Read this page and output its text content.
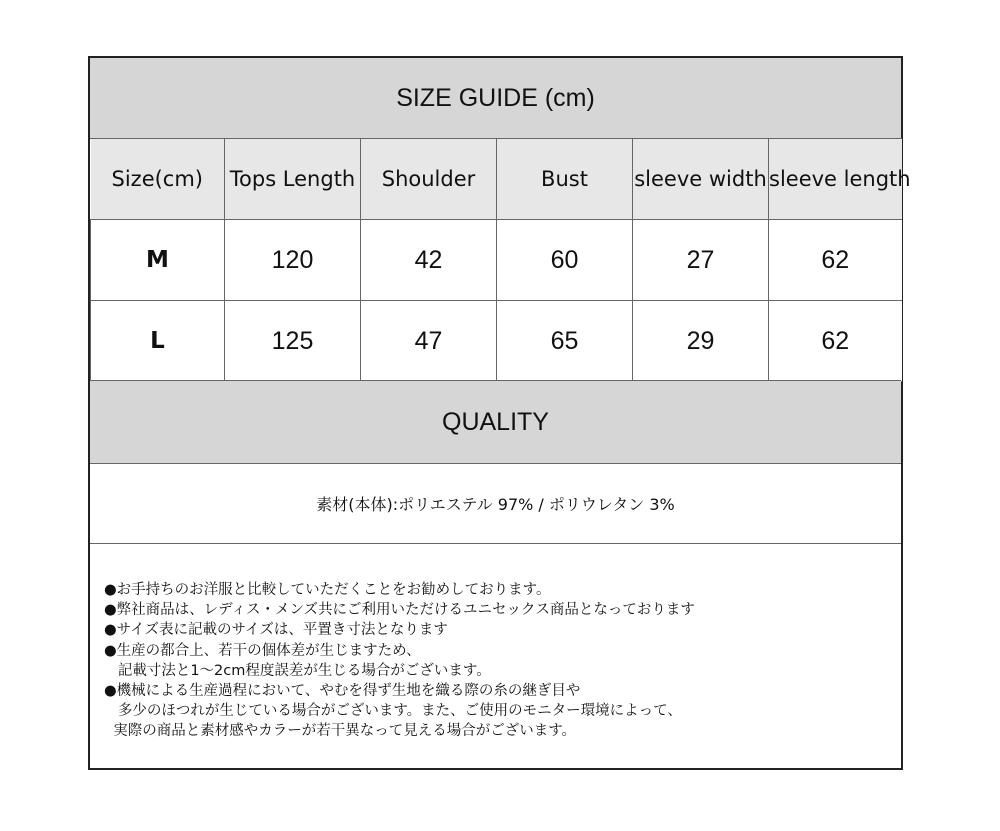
SIZE GUIDE (cm)
Size(cm)	Tops Length	Shoulder	Bust	sleeve width	sleeve length
M	120	42	60	27	62
L	125	47	65	29	62
QUALITY
素材(本体):ポリエステル 97% / ポリウレタン 3%
●お手持ちのお洋服と比較していただくことをお勧めしております。
●弊社商品は、レディス・メンズ共にご利用いただけるユニセックス商品となっております
●サイズ表に記載のサイズは、平置き寸法となります
●生産の都合上、若干の個体差が生じますため、
記載寸法と1～2cm程度誤差が生じる場合がございます。
●機械による生産過程において、やむを得ず生地を織る際の糸の継ぎ目や
多少のほつれが生じている場合がございます。また、ご使用のモニター環境によって、
実際の商品と素材感やカラーが若干異なって見える場合がございます。
